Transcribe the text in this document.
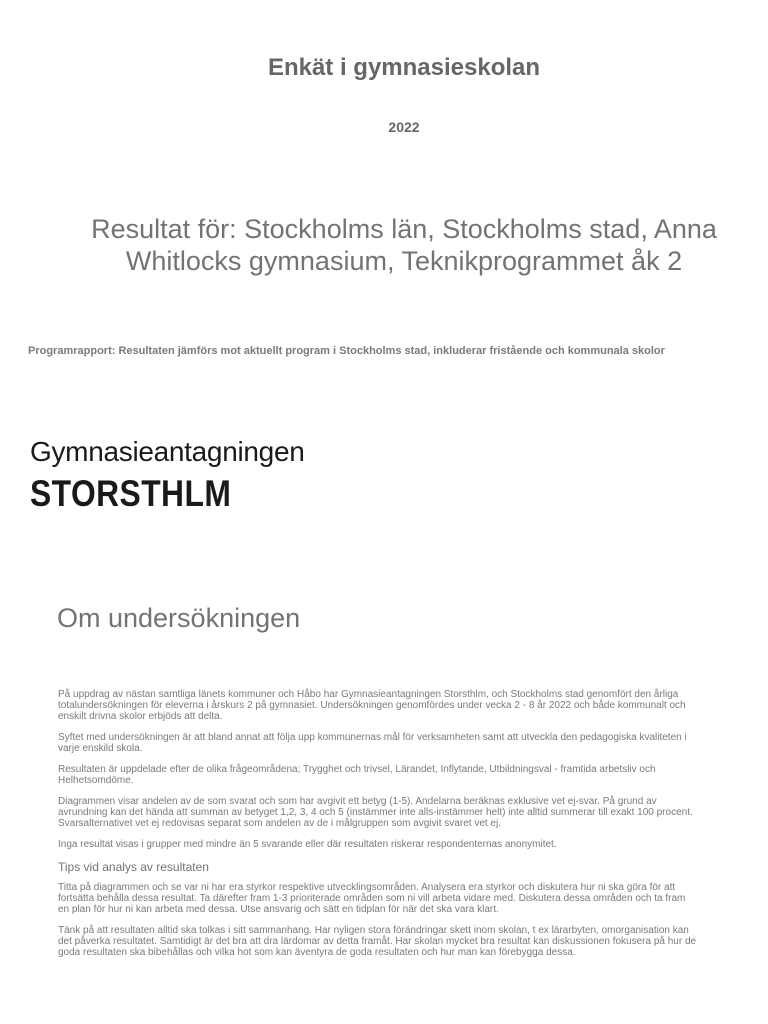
Enkät i gymnasieskolan
2022
Resultat för: Stockholms län, Stockholms stad, Anna Whitlocks gymnasium, Teknikprogrammet åk 2
Programrapport: Resultaten jämförs mot aktuellt program i Stockholms stad, inkluderar fristående och kommunala skolor
Gymnasieantagningen
STORSTHLM
Om undersökningen

På uppdrag av nästan samtliga länets kommuner och Håbo har Gymnasieantagningen Storsthlm, och Stockholms stad genomfört den årliga totalundersökningen för eleverna i årskurs 2 på gymnasiet. Undersökningen genomfördes under vecka 2 - 8 år 2022 och både kommunalt och enskilt drivna skolor erbjöds att delta.

Syftet med undersökningen är att bland annat att följa upp kommunernas mål för verksamheten samt att utveckla den pedagogiska kvaliteten i varje enskild skola.

Resultaten är uppdelade efter de olika frågeområdena; Trygghet och trivsel, Lärandet, Inflytande, Utbildningsval - framtida arbetsliv och Helhetsomdöme.

Diagrammen visar andelen av de som svarat och som har avgivit ett betyg (1-5). Andelarna beräknas exklusive vet ej-svar. På grund av avrundning kan det hända att summan av betyget 1,2, 3, 4 och 5 (instämmer inte alls-instämmer helt) inte alltid summerar till exakt 100 procent. Svarsalternativet vet ej redovisas separat som andelen av de i målgruppen som avgivit svaret vet ej.

Inga resultat visas i grupper med mindre än 5 svarande eller där resultaten riskerar respondenternas anonymitet.

Tips vid analys av resultaten

Titta på diagrammen och se var ni har era styrkor respektive utvecklingsområden. Analysera era styrkor och diskutera hur ni ska göra för att fortsätta behålla dessa resultat. Ta därefter fram 1-3 prioriterade områden som ni vill arbeta vidare med. Diskutera dessa områden och ta fram en plan för hur ni kan arbeta med dessa. Utse ansvarig och sätt en tidplan för när det ska vara klart.

Tänk på att resultaten alltid ska tolkas i sitt sammanhang. Har nyligen stora förändringar skett inom skolan, t ex lärarbyten, omorganisation kan det påverka resultatet. Samtidigt är det bra att dra lärdomar av detta framåt. Har skolan mycket bra resultat kan diskussionen fokusera på hur de goda resultaten ska bibehållas och vilka hot som kan äventyra de goda resultaten och hur man kan förebygga dessa.
